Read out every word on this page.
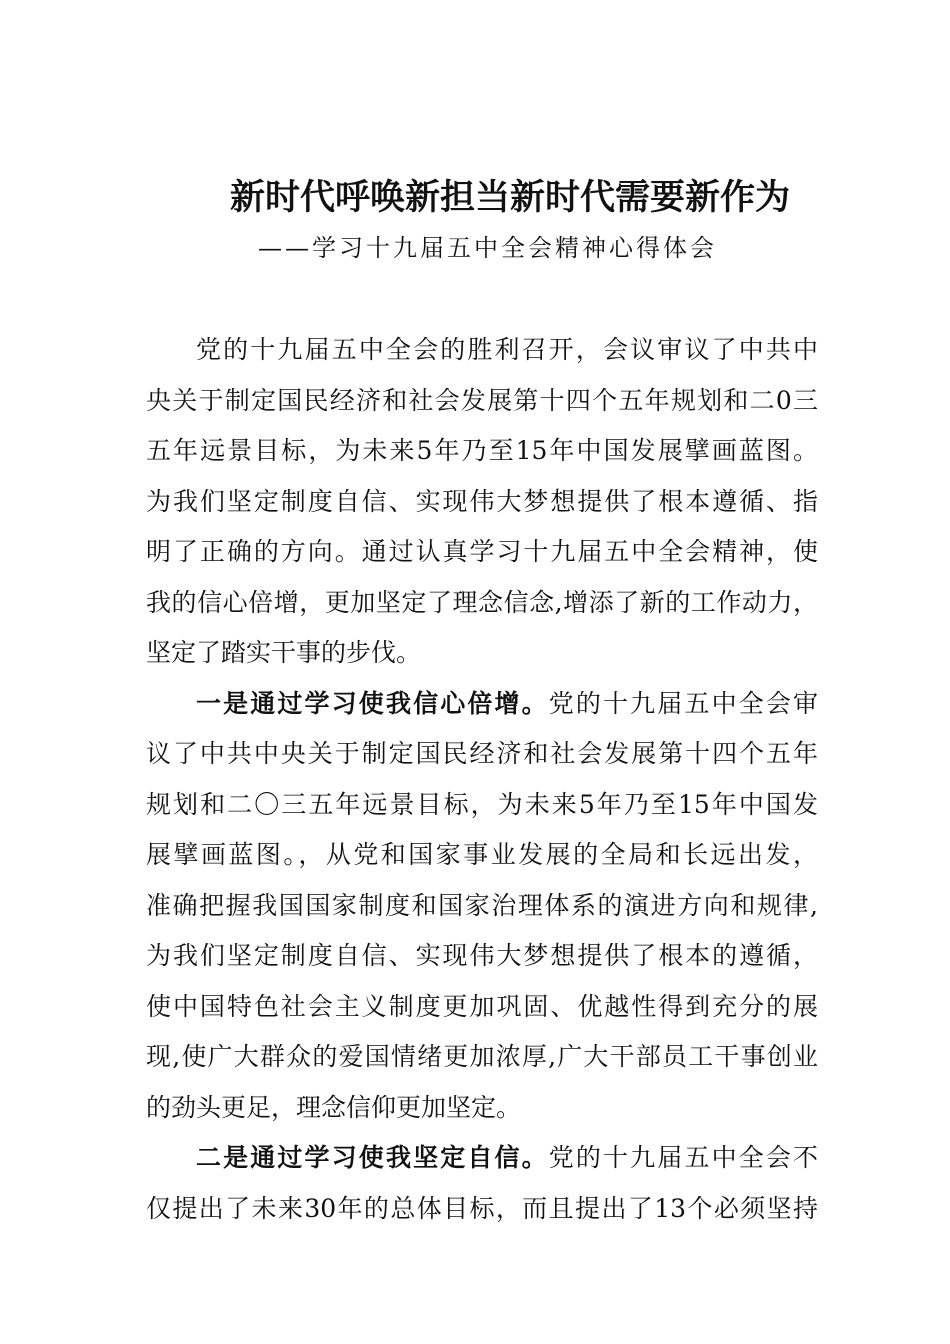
新时代呼唤新担当新时代需要新作为
——学习十九届五中全会精神心得体会
党的十九届五中全会的胜利召开，会议审议了中共中
央关于制定国民经济和社会发展第十四个五年规划和二0三
五年远景目标，为未来5年乃至15年中国发展擘画蓝图。
为我们坚定制度自信、实现伟大梦想提供了根本遵循、指
明了正确的方向。通过认真学习十九届五中全会精神，使
我的信心倍增，更加坚定了理念信念,增添了新的工作动力，
坚定了踏实干事的步伐。
一是通过学习使我信心倍增。党的十九届五中全会审
议了中共中央关于制定国民经济和社会发展第十四个五年
规划和二〇三五年远景目标，为未来5年乃至15年中国发
展擘画蓝图。，从党和国家事业发展的全局和长远出发，
准确把握我国国家制度和国家治理体系的演进方向和规律,
为我们坚定制度自信、实现伟大梦想提供了根本的遵循，
使中国特色社会主义制度更加巩固、优越性得到充分的展
现,使广大群众的爱国情绪更加浓厚,广大干部员工干事创业
的劲头更足，理念信仰更加坚定。
二是通过学习使我坚定自信。党的十九届五中全会不
仅提出了未来30年的总体目标，而且提出了13个必须坚持
